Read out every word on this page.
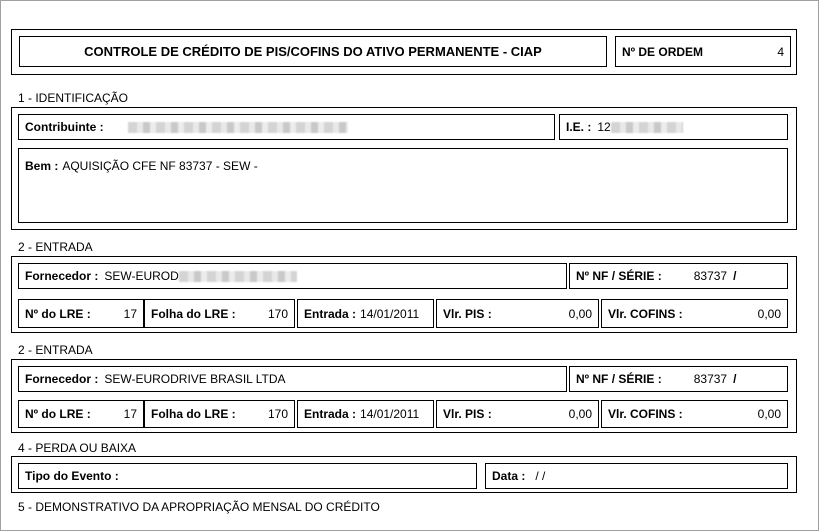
CONTROLE DE CRÉDITO DE PIS/COFINS DO ATIVO PERMANENTE - CIAP	Nº DE ORDEM	4
1 - IDENTIFICAÇÃO
Contribuinte :	I.E. : 12
Bem : AQUISIÇÃO CFE NF 83737 - SEW -
2 - ENTRADA
Fornecedor : SEW-EUROD	Nº NF / SÉRIE :	83737 /
Nº do LRE :	17 Folha do LRE :	170 Entrada : 14/01/2011 Vlr. PIS :	0,00 Vlr. COFINS :	0,00
2 - ENTRADA
Fornecedor : SEW-EURODRIVE BRASIL LTDA	Nº NF / SÉRIE :	83737 /
Nº do LRE :	17 Folha do LRE :	170 Entrada : 14/01/2011 Vlr. PIS :	0,00 Vlr. COFINS :	0,00
4 - PERDA OU BAIXA
Tipo do Evento :	Data : / /
5 - DEMONSTRATIVO DA APROPRIAÇÃO MENSAL DO CRÉDITO
